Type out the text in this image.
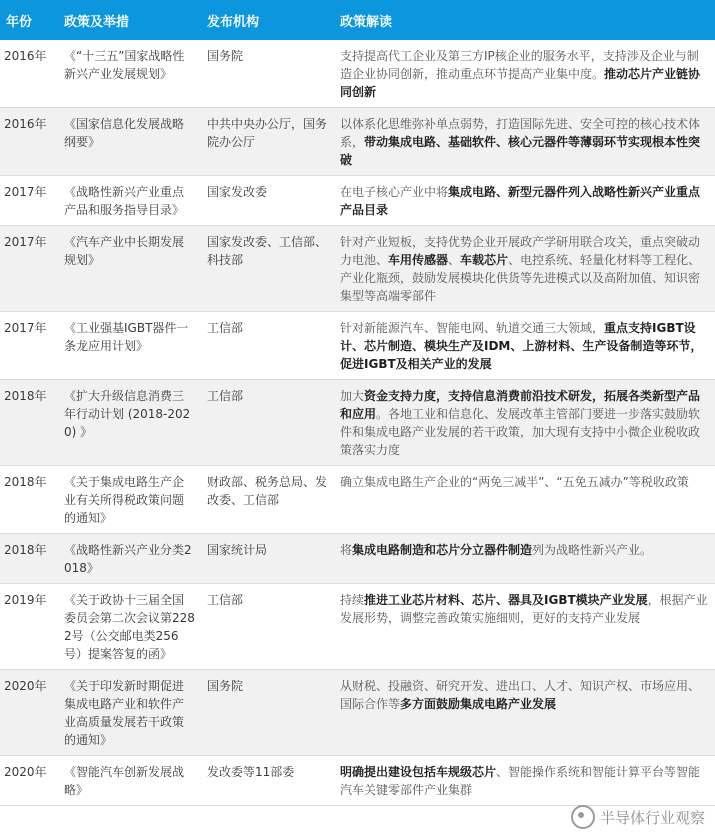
年份	政策及举措	发布机构	政策解读
2016年	《“十三五”国家战略性新兴产业发展规划》	国务院	支持提高代工企业及第三方IP核企业的服务水平，支持涉及企业与制造企业协同创新，推动重点环节提高产业集中度。推动芯片产业链协同创新
2016年	《国家信息化发展战略纲要》	中共中央办公厅，国务院办公厅	以体系化思维弥补单点弱势，打造国际先进、安全可控的核心技术体系，带动集成电路、基础软件、核心元器件等薄弱环节实现根本性突破
2017年	《战略性新兴产业重点产品和服务指导目录》	国家发改委	在电子核心产业中将集成电路、新型元器件列入战略性新兴产业重点产品目录
2017年	《汽车产业中长期发展规划》	国家发改委、工信部、科技部	针对产业短板，支持优势企业开展政产学研用联合攻关，重点突破动力电池、车用传感器、车载芯片、电控系统、轻量化材料等工程化、产业化瓶颈，鼓励发展模块化供货等先进模式以及高附加值、知识密集型等高端零部件
2017年	《工业强基IGBT器件一条龙应用计划》	工信部	针对新能源汽车、智能电网、轨道交通三大领域，重点支持IGBT设计、芯片制造、模块生产及IDM、上游材料、生产设备制造等环节，促进IGBT及相关产业的发展
2018年	《扩大升级信息消费三年行动计划 (2018-2020) 》	工信部	加大资金支持力度，支持信息消费前沿技术研发，拓展各类新型产品和应用。各地工业和信息化、发展改革主管部门要进一步落实鼓励软件和集成电路产业发展的若干政策，加大现有支持中小微企业税收政策落实力度
2018年	《关于集成电路生产企业有关所得税政策问题的通知》	财政部、税务总局、发改委、工信部	确立集成电路生产企业的“两免三减半”、“五免五减办”等税收政策
2018年	《战略性新兴产业分类2018》	国家统计局	将集成电路制造和芯片分立器件制造列为战略性新兴产业。
2019年	《关于政协十三届全国委员会第二次会议第2282号（公交邮电类256号）提案答复的函》	工信部	持续推进工业芯片材料、芯片、器具及IGBT模块产业发展，根据产业发展形势，调整完善政策实施细则，更好的支持产业发展
2020年	《关于印发新时期促进集成电路产业和软件产业高质量发展若干政策的通知》	国务院	从财税、投融资、研究开发、进出口、人才、知识产权、市场应用、国际合作等多方面鼓励集成电路产业发展
2020年	《智能汽车创新发展战略》	发改委等11部委	明确提出建设包括车规级芯片、智能操作系统和智能计算平台等智能汽车关键零部件产业集群
半导体行业观察
